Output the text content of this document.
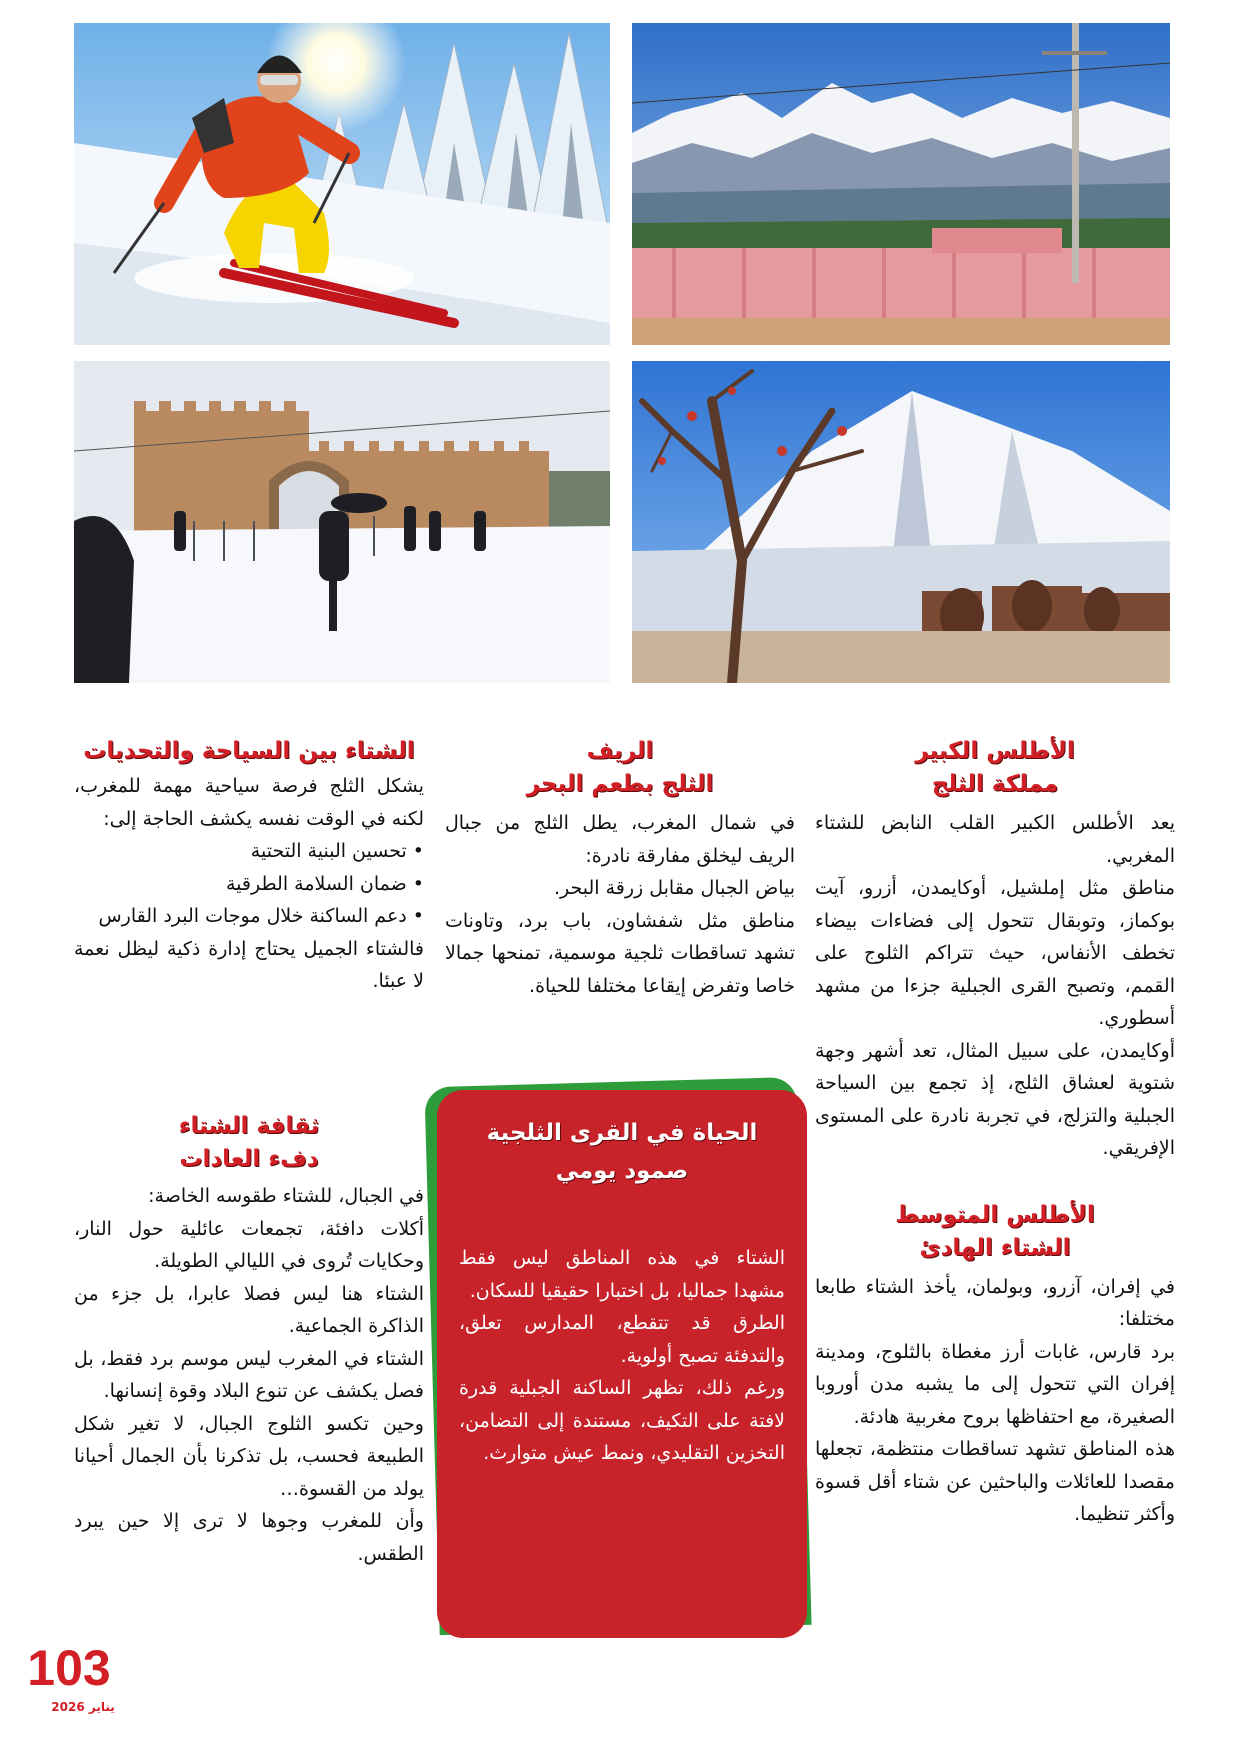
الأطلس الكبير
مملكة الثلج

يعد الأطلس الكبير القلب النابض للشتاء المغربي.

مناطق مثل إملشيل، أوكايمدن، أزرو، آيت بوكماز، وتوبقال تتحول إلى فضاءات بيضاء تخطف الأنفاس، حيث تتراكم الثلوج على القمم، وتصبح القرى الجبلية جزءا من مشهد أسطوري.

أوكايمدن، على سبيل المثال، تعد أشهر وجهة شتوية لعشاق الثلج، إذ تجمع بين السياحة الجبلية والتزلج، في تجربة نادرة على المستوى الإفريقي.

الأطلس المتوسط
الشتاء الهادئ

في إفران، آزرو، وبولمان، يأخذ الشتاء طابعا مختلفا:

برد قارس، غابات أرز مغطاة بالثلوج، ومدينة إفران التي تتحول إلى ما يشبه مدن أوروبا الصغيرة، مع احتفاظها بروح مغربية هادئة.

هذه المناطق تشهد تساقطات منتظمة، تجعلها مقصدا للعائلات والباحثين عن شتاء أقل قسوة وأكثر تنظيما.

الريف
الثلج بطعم البحر

في شمال المغرب، يطل الثلج من جبال الريف ليخلق مفارقة نادرة:

بياض الجبال مقابل زرقة البحر.

مناطق مثل شفشاون، باب برد، وتاونات تشهد تساقطات ثلجية موسمية، تمنحها جمالا خاصا وتفرض إيقاعا مختلفا للحياة.

الشتاء بين السياحة والتحديات

يشكل الثلج فرصة سياحية مهمة للمغرب، لكنه في الوقت نفسه يكشف الحاجة إلى:

• تحسين البنية التحتية

• ضمان السلامة الطرقية

• دعم الساكنة خلال موجات البرد القارس

فالشتاء الجميل يحتاج إدارة ذكية ليظل نعمة لا عبئا.

ثقافة الشتاء
دفء العادات

في الجبال، للشتاء طقوسه الخاصة:

أكلات دافئة، تجمعات عائلية حول النار، وحكايات تُروى في الليالي الطويلة.

الشتاء هنا ليس فصلا عابرا، بل جزء من الذاكرة الجماعية.

الشتاء في المغرب ليس موسم برد فقط، بل فصل يكشف عن تنوع البلاد وقوة إنسانها.

وحين تكسو الثلوج الجبال، لا تغير شكل الطبيعة فحسب، بل تذكرنا بأن الجمال أحيانا يولد من القسوة…

وأن للمغرب وجوها لا ترى إلا حين يبرد الطقس.

الحياة في القرى الثلجية
صمود يومي

الشتاء في هذه المناطق ليس فقط مشهدا جماليا، بل اختبارا حقيقيا للسكان.

الطرق قد تتقطع، المدارس تعلق، والتدفئة تصبح أولوية.

ورغم ذلك، تظهر الساكنة الجبلية قدرة لافتة على التكيف، مستندة إلى التضامن، التخزين التقليدي، ونمط عيش متوارث.

103
يناير 2026
